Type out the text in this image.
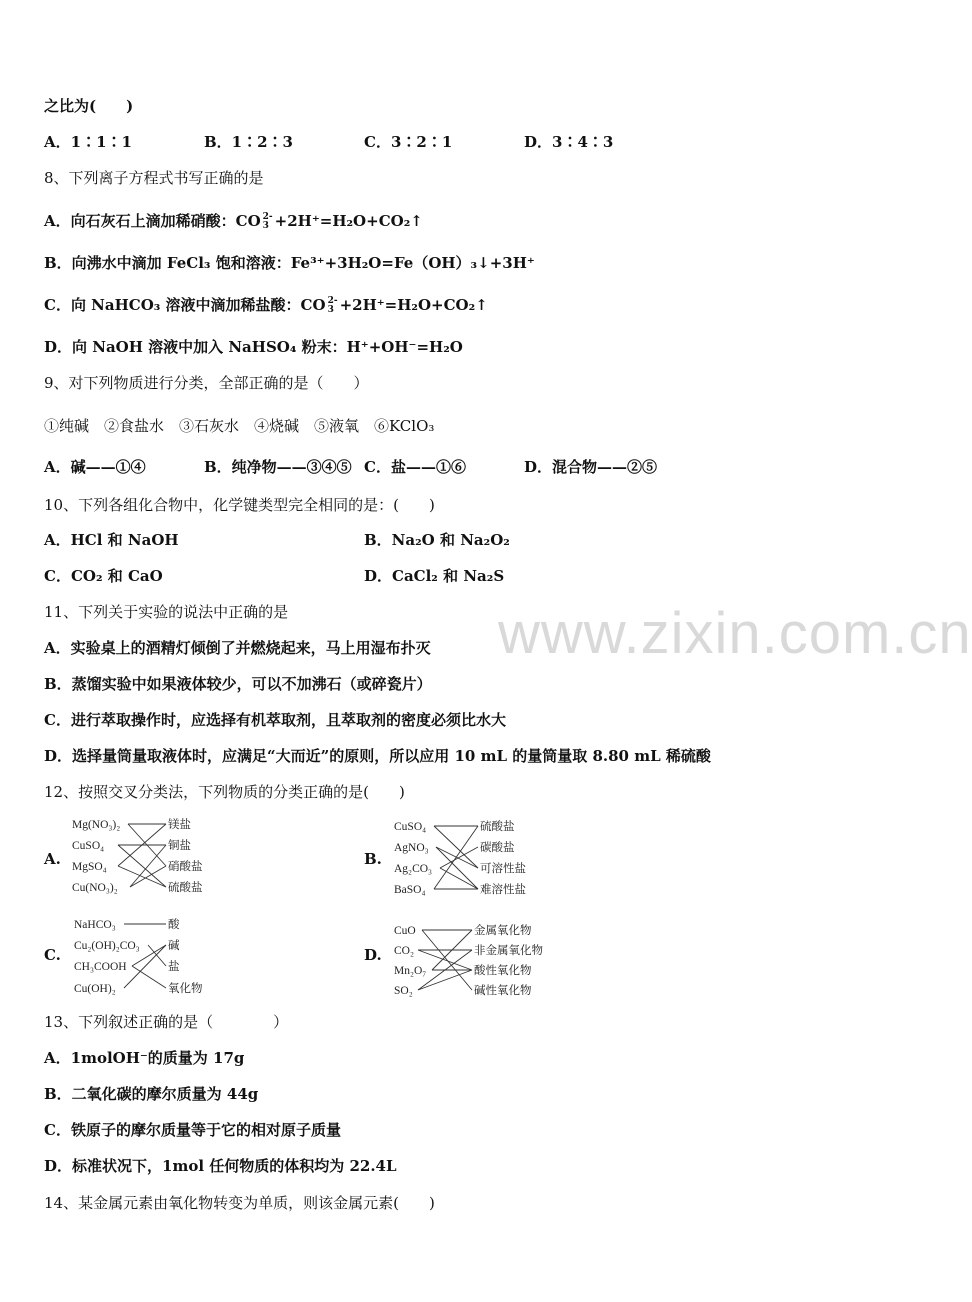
www.zixin.com.cn
之比为(　　)
A．1∶1∶1	B．1∶2∶3	C．3∶2∶1	D．3∶4∶3
8、下列离子方程式书写正确的是
A．向石灰石上滴加稀硝酸：CO 2-
3 +2H⁺=H₂O+CO₂↑
B．向沸水中滴加 FeCl₃ 饱和溶液：Fe³⁺+3H₂O=Fe（OH）₃↓+3H⁺
C．向 NaHCO₃ 溶液中滴加稀盐酸：CO 2-
3 +2H⁺=H₂O+CO₂↑
D．向 NaOH 溶液中加入 NaHSO₄ 粉末：H⁺+OH⁻=H₂O
9、对下列物质进行分类，全部正确的是（　　）
①纯碱　②食盐水　③石灰水　④烧碱　⑤液氧　⑥KClO₃
A．碱——①④	B．纯净物——③④⑤ C．盐——①⑥	D．混合物——②⑤
10、下列各组化合物中，化学键类型完全相同的是：(　　)
A．HCl 和 NaOH	B．Na₂O 和 Na₂O₂
C．CO₂ 和 CaO	D．CaCl₂ 和 Na₂S
11、下列关于实验的说法中正确的是
A．实验桌上的酒精灯倾倒了并燃烧起来，马上用湿布扑灭
B．蒸馏实验中如果液体较少，可以不加沸石（或碎瓷片）
C．进行萃取操作时，应选择有机萃取剂，且萃取剂的密度必须比水大
D．选择量筒量取液体时，应满足“大而近”的原则，所以应用 10 mL 的量筒量取 8.80 mL 稀硫酸
12、按照交叉分类法，下列物质的分类正确的是(　　)
A.	B.
C.	D.
Mg(NO₃)₂
CuSO₄
MgSO₄
Cu(NO₃)₂
镁盐
铜盐
硝酸盐
硫酸盐
CuSO₄
AgNO₃
Ag₂CO₃
BaSO₄
硫酸盐
碳酸盐
可溶性盐
难溶性盐
NaHCO₃
Cu₂(OH)₂CO₃
CH₃COOH
Cu(OH)₂
酸
碱
盐
氧化物
CuO
CO₂
Mn₂O₇
SO₂
金属氧化物
非金属氧化物
酸性氧化物
碱性氧化物
13、下列叙述正确的是（　　　　）
A．1molOH⁻的质量为 17g
B．二氧化碳的摩尔质量为 44g
C．铁原子的摩尔质量等于它的相对原子质量
D．标准状况下，1mol 任何物质的体积均为 22.4L
14、某金属元素由氧化物转变为单质，则该金属元素(　　)
